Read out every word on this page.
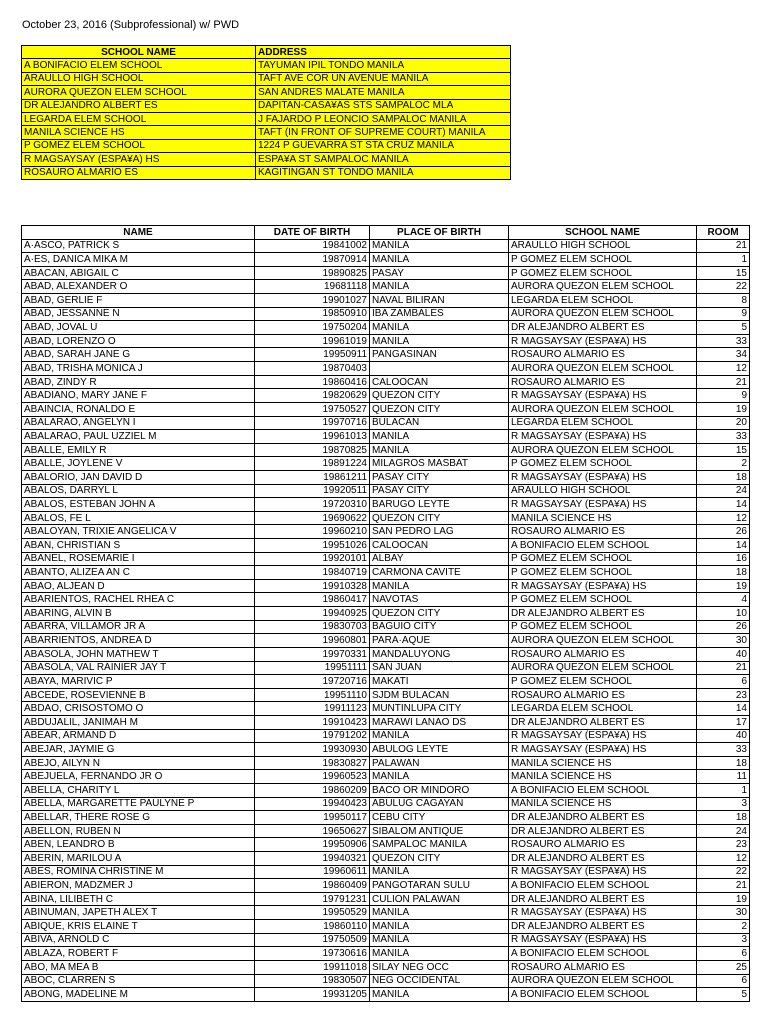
October 23, 2016 (Subprofessional) w/ PWD
SCHOOL NAME	ADDRESS
A BONIFACIO ELEM SCHOOL	TAYUMAN IPIL TONDO MANILA
ARAULLO HIGH SCHOOL	TAFT AVE COR UN AVENUE MANILA
AURORA QUEZON ELEM SCHOOL	SAN ANDRES MALATE MANILA
DR ALEJANDRO ALBERT ES	DAPITAN-CASA¥AS STS SAMPALOC MLA
LEGARDA ELEM SCHOOL	J FAJARDO P LEONCIO SAMPALOC MANILA
MANILA SCIENCE HS	TAFT (IN FRONT OF SUPREME COURT) MANILA
P GOMEZ ELEM SCHOOL	1224 P GUEVARRA ST STA CRUZ MANILA
R MAGSAYSAY (ESPA¥A) HS	ESPA¥A ST SAMPALOC MANILA
ROSAURO ALMARIO ES	KAGITINGAN ST TONDO MANILA
NAME	DATE OF BIRTH	PLACE OF BIRTH	SCHOOL NAME	ROOM
A·ASCO, PATRICK S	19841002	MANILA	ARAULLO HIGH SCHOOL	21
A·ES, DANICA MIKA M	19870914	MANILA	P GOMEZ ELEM SCHOOL	1
ABACAN, ABIGAIL C	19890825	PASAY	P GOMEZ ELEM SCHOOL	15
ABAD, ALEXANDER O	19681118	MANILA	AURORA QUEZON ELEM SCHOOL	22
ABAD, GERLIE F	19901027	NAVAL BILIRAN	LEGARDA ELEM SCHOOL	8
ABAD, JESSANNE N	19850910	IBA ZAMBALES	AURORA QUEZON ELEM SCHOOL	9
ABAD, JOVAL U	19750204	MANILA	DR ALEJANDRO ALBERT ES	5
ABAD, LORENZO O	19961019	MANILA	R MAGSAYSAY (ESPA¥A) HS	33
ABAD, SARAH JANE G	19950911	PANGASINAN	ROSAURO ALMARIO ES	34
ABAD, TRISHA MONICA J	19870403		AURORA QUEZON ELEM SCHOOL	12
ABAD, ZINDY R	19860416	CALOOCAN	ROSAURO ALMARIO ES	21
ABADIANO, MARY JANE F	19820629	QUEZON CITY	R MAGSAYSAY (ESPA¥A) HS	9
ABAINCIA, RONALDO E	19750527	QUEZON CITY	AURORA QUEZON ELEM SCHOOL	19
ABALARAO, ANGELYN I	19970716	BULACAN	LEGARDA ELEM SCHOOL	20
ABALARAO, PAUL UZZIEL M	19961013	MANILA	R MAGSAYSAY (ESPA¥A) HS	33
ABALLE, EMILY R	19870825	MANILA	AURORA QUEZON ELEM SCHOOL	15
ABALLE, JOYLENE V	19891224	MILAGROS MASBAT	P GOMEZ ELEM SCHOOL	2
ABALORIO, JAN DAVID D	19861211	PASAY CITY	R MAGSAYSAY (ESPA¥A) HS	18
ABALOS, DARRYL L	19920511	PASAY CITY	ARAULLO HIGH SCHOOL	24
ABALOS, ESTEBAN JOHN A	19720310	BARUGO LEYTE	R MAGSAYSAY (ESPA¥A) HS	14
ABALOS, FE L	19690622	QUEZON CITY	MANILA SCIENCE HS	12
ABALOYAN, TRIXIE ANGELICA V	19960210	SAN PEDRO LAG	ROSAURO ALMARIO ES	26
ABAN, CHRISTIAN S	19951026	CALOOCAN	A BONIFACIO ELEM SCHOOL	14
ABANEL, ROSEMARIE I	19920101	ALBAY	P GOMEZ ELEM SCHOOL	16
ABANTO, ALIZEA AN C	19840719	CARMONA CAVITE	P GOMEZ ELEM SCHOOL	18
ABAO, ALJEAN D	19910328	MANILA	R MAGSAYSAY (ESPA¥A) HS	19
ABARIENTOS, RACHEL RHEA C	19860417	NAVOTAS	P GOMEZ ELEM SCHOOL	4
ABARING, ALVIN B	19940925	QUEZON CITY	DR ALEJANDRO ALBERT ES	10
ABARRA, VILLAMOR JR A	19830703	BAGUIO CITY	P GOMEZ ELEM SCHOOL	26
ABARRIENTOS, ANDREA D	19960801	PARA·AQUE	AURORA QUEZON ELEM SCHOOL	30
ABASOLA, JOHN MATHEW T	19970331	MANDALUYONG	ROSAURO ALMARIO ES	40
ABASOLA, VAL RAINIER JAY T	19951111	SAN JUAN	AURORA QUEZON ELEM SCHOOL	21
ABAYA, MARIVIC P	19720716	MAKATI	P GOMEZ ELEM SCHOOL	6
ABCEDE, ROSEVIENNE B	19951110	SJDM BULACAN	ROSAURO ALMARIO ES	23
ABDAO, CRISOSTOMO O	19911123	MUNTINLUPA CITY	LEGARDA ELEM SCHOOL	14
ABDUJALIL, JANIMAH M	19910423	MARAWI LANAO DS	DR ALEJANDRO ALBERT ES	17
ABEAR, ARMAND D	19791202	MANILA	R MAGSAYSAY (ESPA¥A) HS	40
ABEJAR, JAYMIE G	19930930	ABULOG LEYTE	R MAGSAYSAY (ESPA¥A) HS	33
ABEJO, AILYN N	19830827	PALAWAN	MANILA SCIENCE HS	18
ABEJUELA, FERNANDO JR O	19960523	MANILA	MANILA SCIENCE HS	11
ABELLA, CHARITY L	19860209	BACO OR MINDORO	A BONIFACIO ELEM SCHOOL	1
ABELLA, MARGARETTE PAULYNE P	19940423	ABULUG CAGAYAN	MANILA SCIENCE HS	3
ABELLAR, THERE ROSE G	19950117	CEBU CITY	DR ALEJANDRO ALBERT ES	18
ABELLON, RUBEN N	19650627	SIBALOM ANTIQUE	DR ALEJANDRO ALBERT ES	24
ABEN, LEANDRO B	19950906	SAMPALOC MANILA	ROSAURO ALMARIO ES	23
ABERIN, MARILOU A	19940321	QUEZON CITY	DR ALEJANDRO ALBERT ES	12
ABES, ROMINA CHRISTINE M	19960611	MANILA	R MAGSAYSAY (ESPA¥A) HS	22
ABIERON, MADZMER J	19860409	PANGOTARAN SULU	A BONIFACIO ELEM SCHOOL	21
ABINA, LILIBETH C	19791231	CULION PALAWAN	DR ALEJANDRO ALBERT ES	19
ABINUMAN, JAPETH ALEX T	19950529	MANILA	R MAGSAYSAY (ESPA¥A) HS	30
ABIQUE, KRIS ELAINE T	19860110	MANILA	DR ALEJANDRO ALBERT ES	2
ABIVA, ARNOLD C	19750509	MANILA	R MAGSAYSAY (ESPA¥A) HS	3
ABLAZA, ROBERT F	19730616	MANILA	A BONIFACIO ELEM SCHOOL	6
ABO, MA MEA B	19911018	SILAY NEG OCC	ROSAURO ALMARIO ES	25
ABOC, CLARREN S	19830507	NEG OCCIDENTAL	AURORA QUEZON ELEM SCHOOL	6
ABONG, MADELINE M	19931205	MANILA	A BONIFACIO ELEM SCHOOL	5
